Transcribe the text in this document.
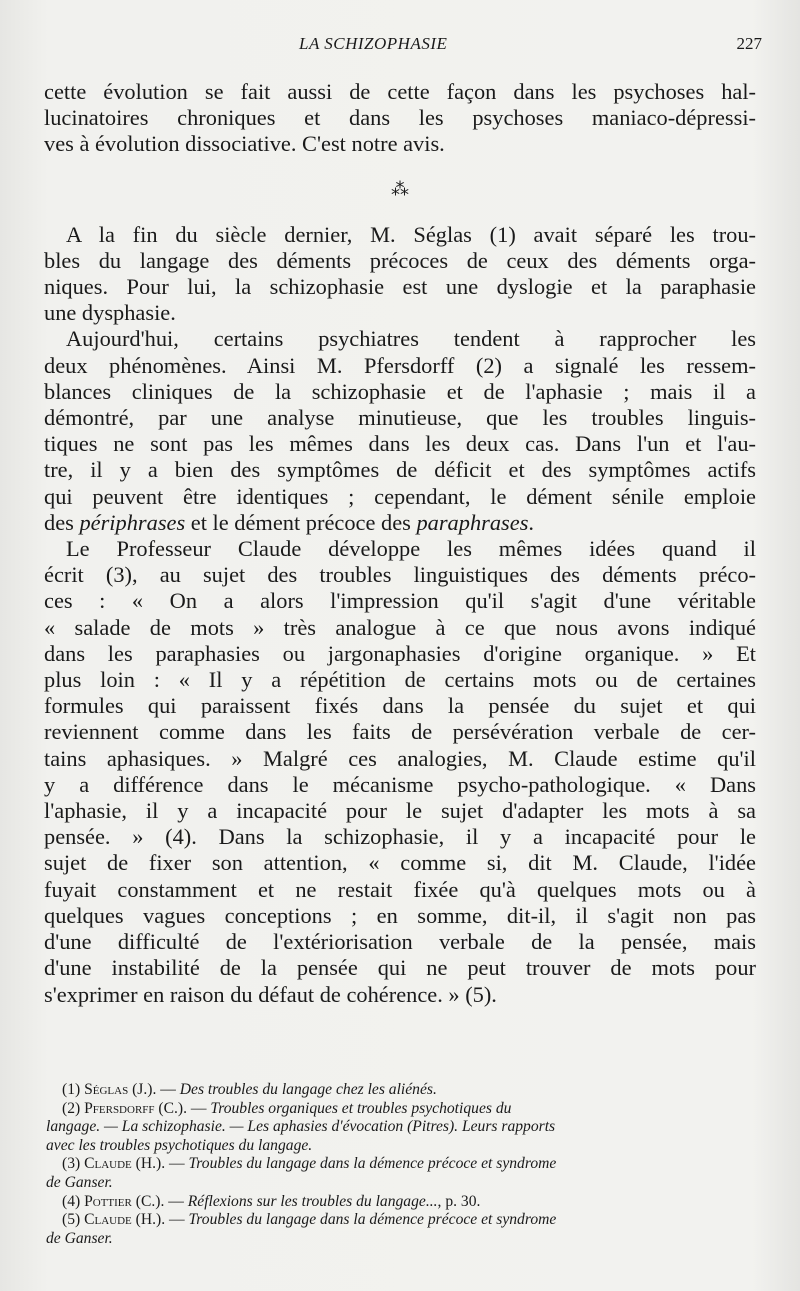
LA SCHIZOPHASIE	227
cette évolution se fait aussi de cette façon dans les psychoses hal-
lucinatoires chroniques et dans les psychoses maniaco-dépressi-
ves à évolution dissociative. C'est notre avis.
⁂
A la fin du siècle dernier, M. Séglas (1) avait séparé les trou-
bles du langage des déments précoces de ceux des déments orga-
niques. Pour lui, la schizophasie est une dyslogie et la paraphasie
une dysphasie.
Aujourd'hui, certains psychiatres tendent à rapprocher les
deux phénomènes. Ainsi M. Pfersdorff (2) a signalé les ressem-
blances cliniques de la schizophasie et de l'aphasie ; mais il a
démontré, par une analyse minutieuse, que les troubles linguis-
tiques ne sont pas les mêmes dans les deux cas. Dans l'un et l'au-
tre, il y a bien des symptômes de déficit et des symptômes actifs
qui peuvent être identiques ; cependant, le dément sénile emploie
des périphrases et le dément précoce des paraphrases.
Le Professeur Claude développe les mêmes idées quand il
écrit (3), au sujet des troubles linguistiques des déments préco-
ces : « On a alors l'impression qu'il s'agit d'une véritable
« salade de mots » très analogue à ce que nous avons indiqué
dans les paraphasies ou jargonaphasies d'origine organique. » Et
plus loin : « Il y a répétition de certains mots ou de certaines
formules qui paraissent fixés dans la pensée du sujet et qui
reviennent comme dans les faits de persévération verbale de cer-
tains aphasiques. » Malgré ces analogies, M. Claude estime qu'il
y a différence dans le mécanisme psycho-pathologique. « Dans
l'aphasie, il y a incapacité pour le sujet d'adapter les mots à sa
pensée. » (4). Dans la schizophasie, il y a incapacité pour le
sujet de fixer son attention, « comme si, dit M. Claude, l'idée
fuyait constamment et ne restait fixée qu'à quelques mots ou à
quelques vagues conceptions ; en somme, dit-il, il s'agit non pas
d'une difficulté de l'extériorisation verbale de la pensée, mais
d'une instabilité de la pensée qui ne peut trouver de mots pour
s'exprimer en raison du défaut de cohérence. » (5).
(1) Séglas (J.). — Des troubles du langage chez les aliénés.
(2) Pfersdorff (C.). — Troubles organiques et troubles psychotiques du
langage. — La schizophasie. — Les aphasies d'évocation (Pitres). Leurs rapports
avec les troubles psychotiques du langage.
(3) Claude (H.). — Troubles du langage dans la démence précoce et syndrome
de Ganser.
(4) Pottier (C.). — Réflexions sur les troubles du langage..., p. 30.
(5) Claude (H.). — Troubles du langage dans la démence précoce et syndrome
de Ganser.
